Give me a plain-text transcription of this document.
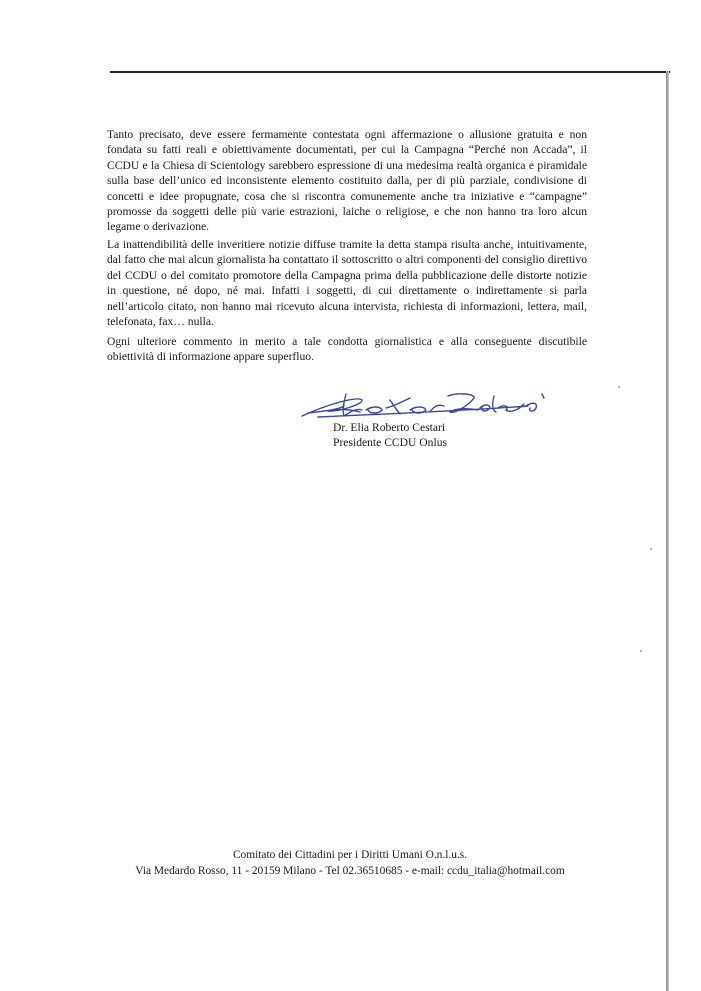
Tanto precisato, deve essere fermamente contestata ogni affermazione o allusione gratuita e non fondata su fatti reali e obiettivamente documentati, per cui la Campagna “Perché non Accada”, il CCDU e la Chiesa di Scientology sarebbero espressione di una medesima realtà organica e piramidale sulla base dell’unico ed inconsistente elemento costituito dalla, per di più parziale, condivisione di concetti e idee propugnate, cosa che si riscontra comunemente anche tra iniziative e “campagne” promosse da soggetti delle più varie estrazioni, laiche o religiose, e che non hanno tra loro alcun legame o derivazione.

La inattendibilità delle inveritiere notizie diffuse tramite la detta stampa risulta anche, intuitivamente, dal fatto che mai alcun giornalista ha contattato il sottoscritto o altri componenti del consiglio direttivo del CCDU o del comitato promotore della Campagna prima della pubblicazione delle distorte notizie in questione, né dopo, né mai. Infatti i soggetti, di cui direttamente o indirettamente si parla nell’articolo citato, non hanno mai ricevuto alcuna intervista, richiesta di informazioni, lettera, mail, telefonata, fax… nulla.

Ogni ulteriore commento in merito a tale condotta giornalistica e alla conseguente discutibile obiettività di informazione appare superfluo.

Dr. Elia Roberto Cestari
Presidente CCDU Onlus
Comitato dei Cittadini per i Diritti Umani O.n.l.u.s.
Via Medardo Rosso, 11 - 20159 Milano - Tel 02.36510685 - e-mail: ccdu_italia@hotmail.com
